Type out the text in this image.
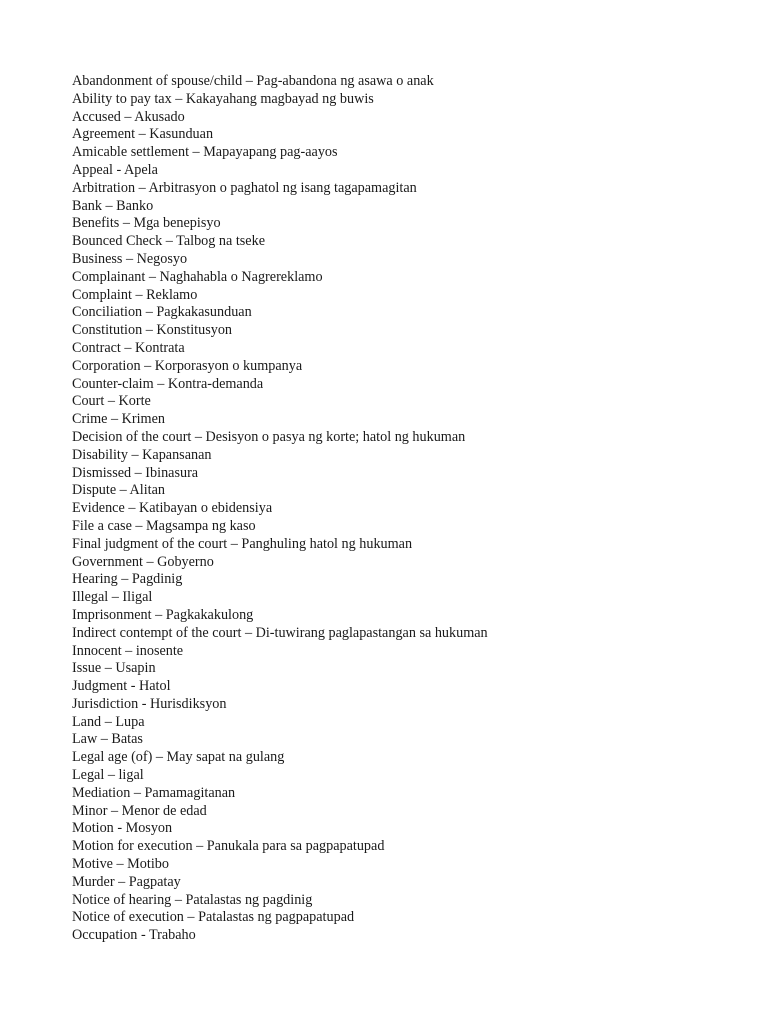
Abandonment of spouse/child – Pag-abandona ng asawa o anak
Ability to pay tax – Kakayahang magbayad ng buwis
Accused – Akusado
Agreement – Kasunduan
Amicable settlement – Mapayapang pag-aayos
Appeal - Apela
Arbitration – Arbitrasyon o paghatol ng isang tagapamagitan
Bank – Banko
Benefits – Mga benepisyo
Bounced Check – Talbog na tseke
Business – Negosyo
Complainant – Naghahabla o Nagrereklamo
Complaint – Reklamo
Conciliation – Pagkakasunduan
Constitution – Konstitusyon
Contract – Kontrata
Corporation – Korporasyon o kumpanya
Counter-claim – Kontra-demanda
Court – Korte
Crime – Krimen
Decision of the court – Desisyon o pasya ng korte; hatol ng hukuman
Disability – Kapansanan
Dismissed – Ibinasura
Dispute – Alitan
Evidence – Katibayan o ebidensiya
File a case – Magsampa ng kaso
Final judgment of the court – Panghuling hatol ng hukuman
Government – Gobyerno
Hearing – Pagdinig
Illegal – Iligal
Imprisonment – Pagkakakulong
Indirect contempt of the court – Di-tuwirang paglapastangan sa hukuman
Innocent – inosente
Issue – Usapin
Judgment - Hatol
Jurisdiction - Hurisdiksyon
Land – Lupa
Law – Batas
Legal age (of) – May sapat na gulang
Legal – ligal
Mediation – Pamamagitanan
Minor – Menor de edad
Motion - Mosyon
Motion for execution – Panukala para sa pagpapatupad
Motive – Motibo
Murder – Pagpatay
Notice of hearing – Patalastas ng pagdinig
Notice of execution – Patalastas ng pagpapatupad
Occupation - Trabaho
